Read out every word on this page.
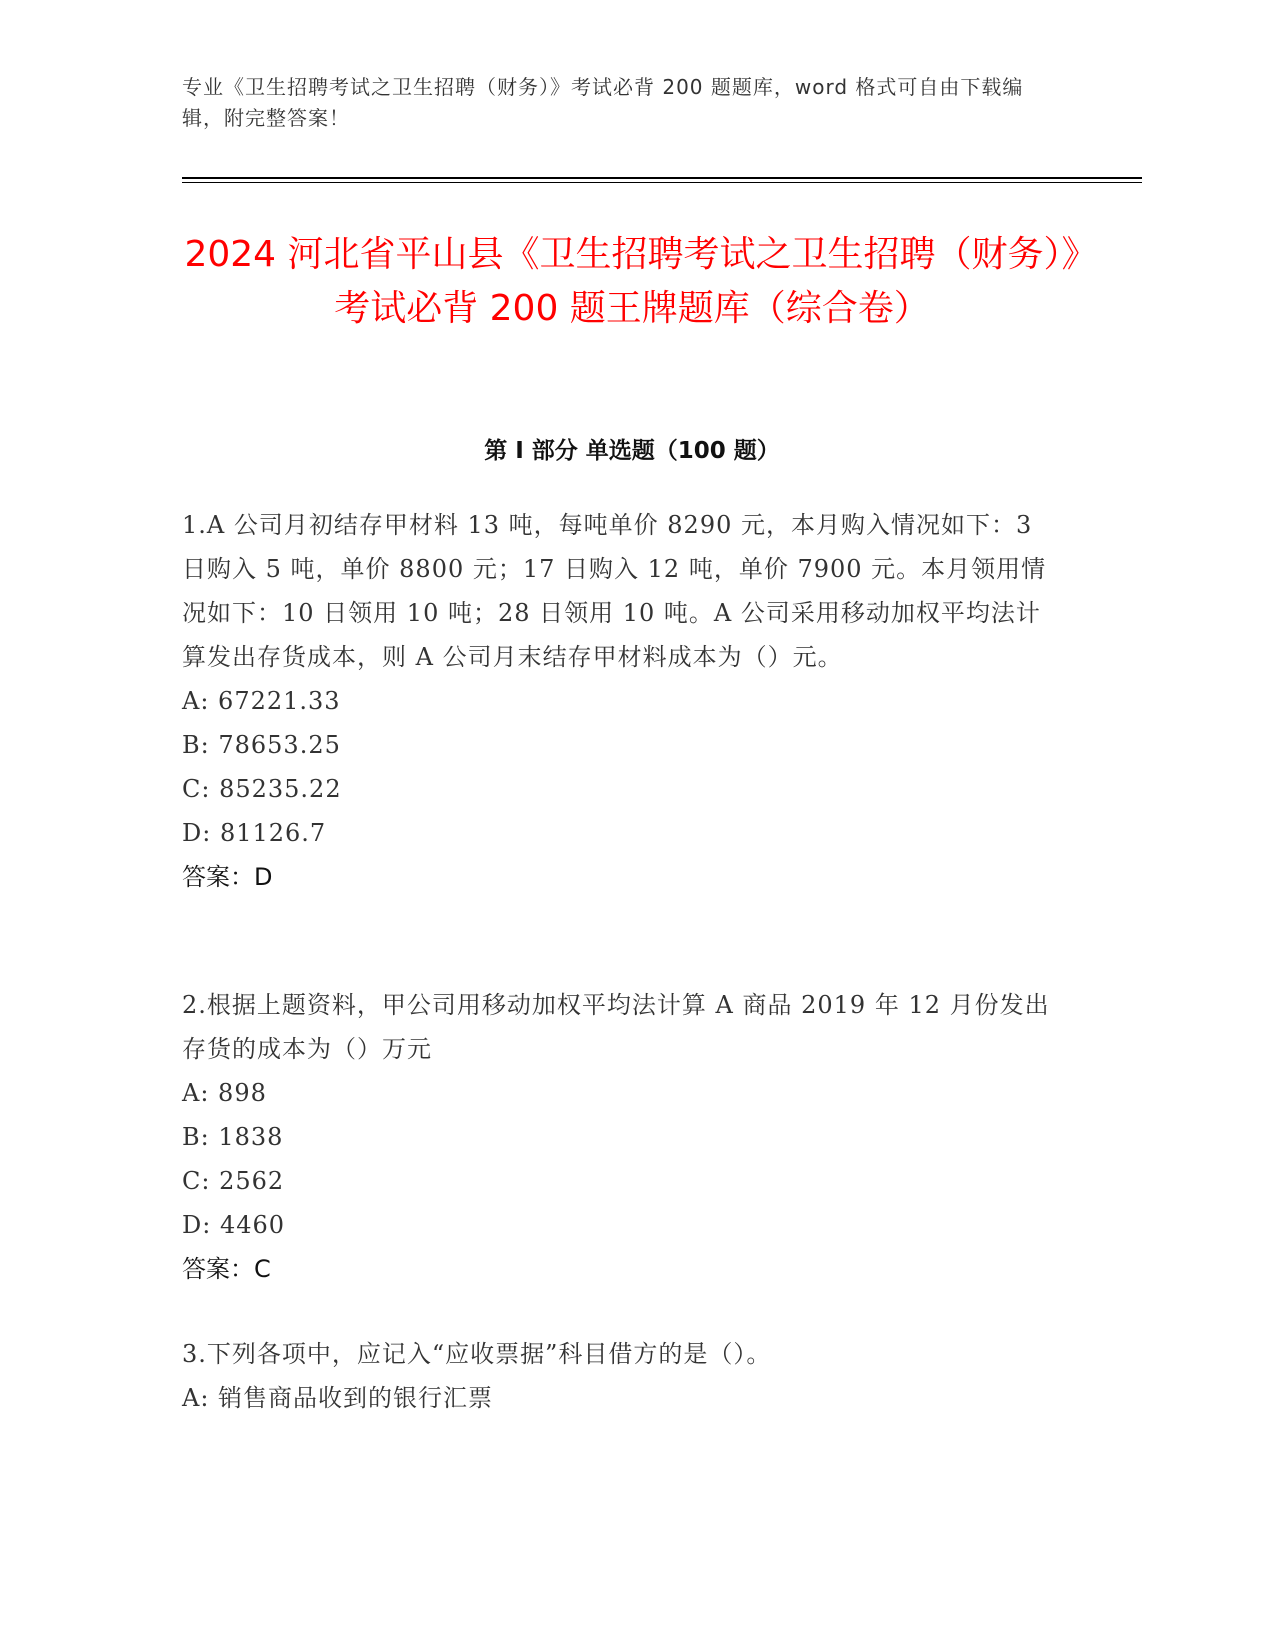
专业《卫生招聘考试之卫生招聘（财务）》考试必背 200 题题库，word 格式可自由下载编辑，附完整答案！
2024 河北省平山县《卫生招聘考试之卫生招聘（财务）》考试必背 200 题王牌题库（综合卷）
第 I 部分 单选题（100 题）
1.A 公司月初结存甲材料 13 吨，每吨单价 8290 元，本月购入情况如下：3 日购入 5 吨，单价 8800 元；17 日购入 12 吨，单价 7900 元。本月领用情况如下：10 日领用 10 吨；28 日领用 10 吨。A 公司采用移动加权平均法计算发出存货成本，则 A 公司月末结存甲材料成本为（）元。
A: 67221.33
B: 78653.25
C: 85235.22
D: 81126.7
答案：D
2.根据上题资料，甲公司用移动加权平均法计算 A 商品 2019 年 12 月份发出存货的成本为（）万元
A: 898
B: 1838
C: 2562
D: 4460
答案：C
3.下列各项中，应记入“应收票据”科目借方的是（）。
A: 销售商品收到的银行汇票
